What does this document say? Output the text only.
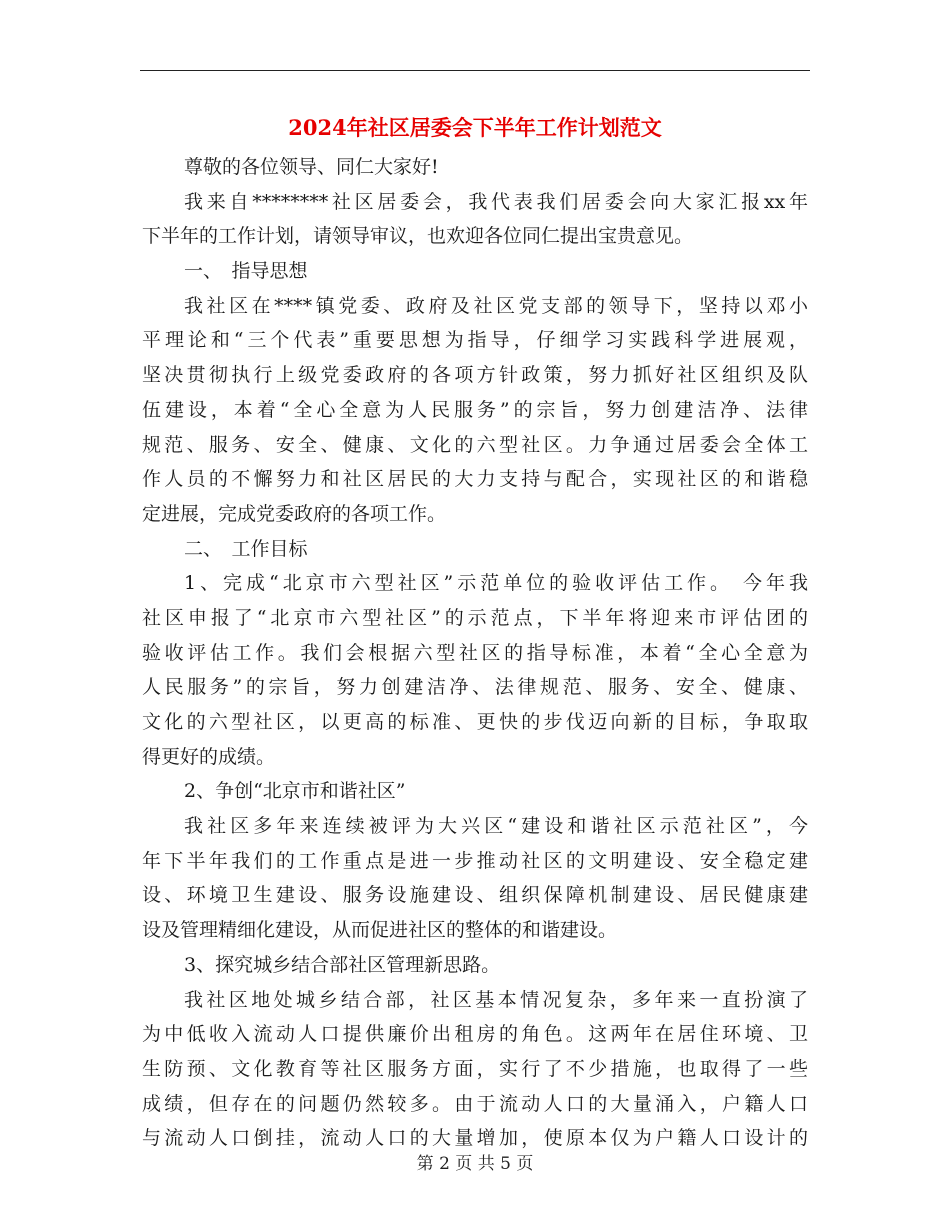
2024年社区居委会下半年工作计划范文
尊敬的各位领导、同仁大家好!
我来自********社区居委会，我代表我们居委会向大家汇报xx年
下半年的工作计划，请领导审议，也欢迎各位同仁提出宝贵意见。
一、　指导思想
我社区在****镇党委、政府及社区党支部的领导下，坚持以邓小
平理论和“三个代表”重要思想为指导，仔细学习实践科学进展观，
坚决贯彻执行上级党委政府的各项方针政策，努力抓好社区组织及队
伍建设，本着“全心全意为人民服务”的宗旨，努力创建洁净、法律
规范、服务、安全、健康、文化的六型社区。力争通过居委会全体工
作人员的不懈努力和社区居民的大力支持与配合，实现社区的和谐稳
定进展，完成党委政府的各项工作。
二、　工作目标
1、完成“北京市六型社区”示范单位的验收评估工作。 今年我
社区申报了“北京市六型社区”的示范点，下半年将迎来市评估团的
验收评估工作。我们会根据六型社区的指导标准，本着“全心全意为
人民服务”的宗旨，努力创建洁净、法律规范、服务、安全、健康、
文化的六型社区，以更高的标准、更快的步伐迈向新的目标，争取取
得更好的成绩。
2、争创“北京市和谐社区”
我社区多年来连续被评为大兴区“建设和谐社区示范社区”，今
年下半年我们的工作重点是进一步推动社区的文明建设、安全稳定建
设、环境卫生建设、服务设施建设、组织保障机制建设、居民健康建
设及管理精细化建设，从而促进社区的整体的和谐建设。
3、探究城乡结合部社区管理新思路。
我社区地处城乡结合部，社区基本情况复杂，多年来一直扮演了
为中低收入流动人口提供廉价出租房的角色。这两年在居住环境、卫
生防预、文化教育等社区服务方面，实行了不少措施，也取得了一些
成绩，但存在的问题仍然较多。由于流动人口的大量涌入，户籍人口
与流动人口倒挂，流动人口的大量增加，使原本仅为户籍人口设计的
第 2 页 共 5 页
